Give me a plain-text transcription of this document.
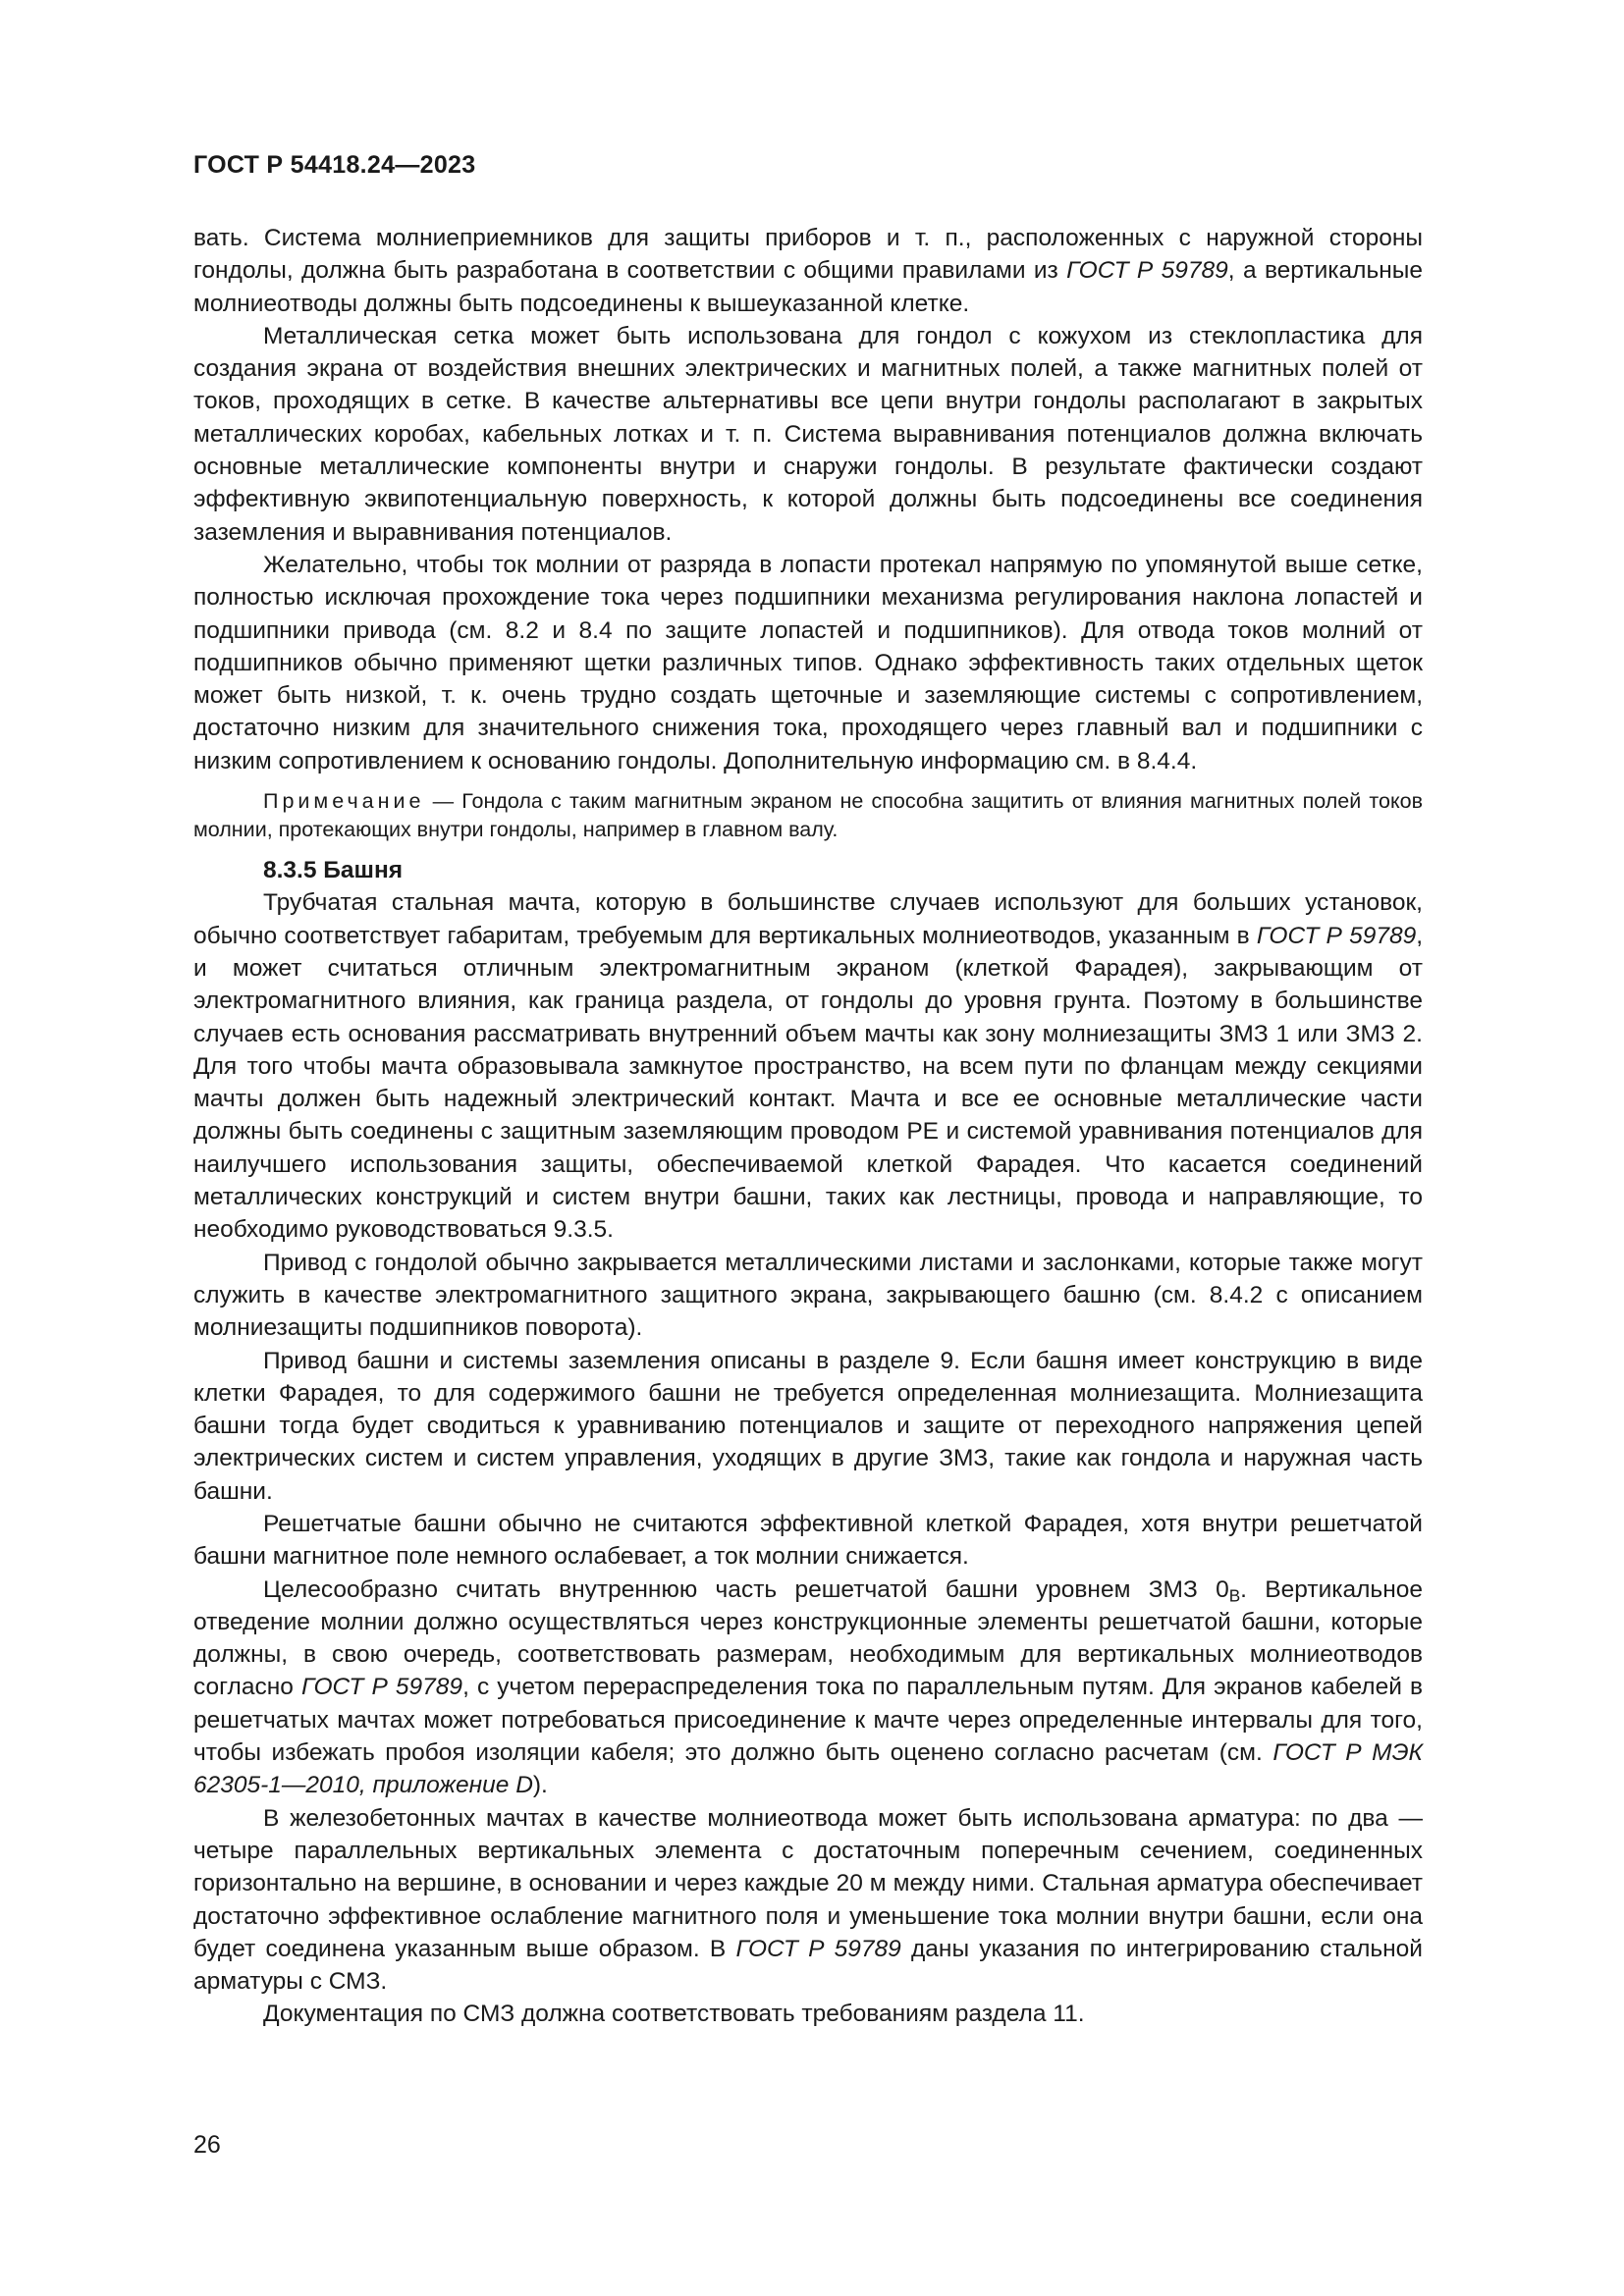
ГОСТ Р 54418.24—2023

вать. Система молниеприемников для защиты приборов и т. п., расположенных с наружной стороны гондолы, должна быть разработана в соответствии с общими правилами из ГОСТ Р 59789, а вертикальные молниеотводы должны быть подсоединены к вышеуказанной клетке.

Металлическая сетка может быть использована для гондол с кожухом из стеклопластика для создания экрана от воздействия внешних электрических и магнитных полей, а также магнитных полей от токов, проходящих в сетке. В качестве альтернативы все цепи внутри гондолы располагают в закрытых металлических коробах, кабельных лотках и т. п. Система выравнивания потенциалов должна включать основные металлические компоненты внутри и снаружи гондолы. В результате фактически создают эффективную эквипотенциальную поверхность, к которой должны быть подсоединены все соединения заземления и выравнивания потенциалов.

Желательно, чтобы ток молнии от разряда в лопасти протекал напрямую по упомянутой выше сетке, полностью исключая прохождение тока через подшипники механизма регулирования наклона лопастей и подшипники привода (см. 8.2 и 8.4 по защите лопастей и подшипников). Для отвода токов молний от подшипников обычно применяют щетки различных типов. Однако эффективность таких отдельных щеток может быть низкой, т. к. очень трудно создать щеточные и заземляющие системы с сопротивлением, достаточно низким для значительного снижения тока, проходящего через главный вал и подшипники с низким сопротивлением к основанию гондолы. Дополнительную информацию см. в 8.4.4.

Примечание — Гондола с таким магнитным экраном не способна защитить от влияния магнитных полей токов молнии, протекающих внутри гондолы, например в главном валу.

8.3.5 Башня

Трубчатая стальная мачта, которую в большинстве случаев используют для больших установок, обычно соответствует габаритам, требуемым для вертикальных молниеотводов, указанным в ГОСТ Р 59789, и может считаться отличным электромагнитным экраном (клеткой Фарадея), закрывающим от электромагнитного влияния, как граница раздела, от гондолы до уровня грунта. Поэтому в большинстве случаев есть основания рассматривать внутренний объем мачты как зону молниезащиты ЗМЗ 1 или ЗМЗ 2. Для того чтобы мачта образовывала замкнутое пространство, на всем пути по фланцам между секциями мачты должен быть надежный электрический контакт. Мачта и все ее основные металлические части должны быть соединены с защитным заземляющим проводом PE и системой уравнивания потенциалов для наилучшего использования защиты, обеспечиваемой клеткой Фарадея. Что касается соединений металлических конструкций и систем внутри башни, таких как лестницы, провода и направляющие, то необходимо руководствоваться 9.3.5.

Привод с гондолой обычно закрывается металлическими листами и заслонками, которые также могут служить в качестве электромагнитного защитного экрана, закрывающего башню (см. 8.4.2 с описанием молниезащиты подшипников поворота).

Привод башни и системы заземления описаны в разделе 9. Если башня имеет конструкцию в виде клетки Фарадея, то для содержимого башни не требуется определенная молниезащита. Молниезащита башни тогда будет сводиться к уравниванию потенциалов и защите от переходного напряжения цепей электрических систем и систем управления, уходящих в другие ЗМЗ, такие как гондола и наружная часть башни.

Решетчатые башни обычно не считаются эффективной клеткой Фарадея, хотя внутри решетчатой башни магнитное поле немного ослабевает, а ток молнии снижается.

Целесообразно считать внутреннюю часть решетчатой башни уровнем ЗМЗ $0_B$. Вертикальное отведение молнии должно осуществляться через конструкционные элементы решетчатой башни, которые должны, в свою очередь, соответствовать размерам, необходимым для вертикальных молниеотводов согласно ГОСТ Р 59789, с учетом перераспределения тока по параллельным путям. Для экранов кабелей в решетчатых мачтах может потребоваться присоединение к мачте через определенные интервалы для того, чтобы избежать пробоя изоляции кабеля; это должно быть оценено согласно расчетам (см. ГОСТ Р МЭК 62305-1—2010, приложение D).

В железобетонных мачтах в качестве молниеотвода может быть использована арматура: по два — четыре параллельных вертикальных элемента с достаточным поперечным сечением, соединенных горизонтально на вершине, в основании и через каждые 20 м между ними. Стальная арматура обеспечивает достаточно эффективное ослабление магнитного поля и уменьшение тока молнии внутри башни, если она будет соединена указанным выше образом. В ГОСТ Р 59789 даны указания по интегрированию стальной арматуры с СМЗ.

Документация по СМЗ должна соответствовать требованиям раздела 11.

26
